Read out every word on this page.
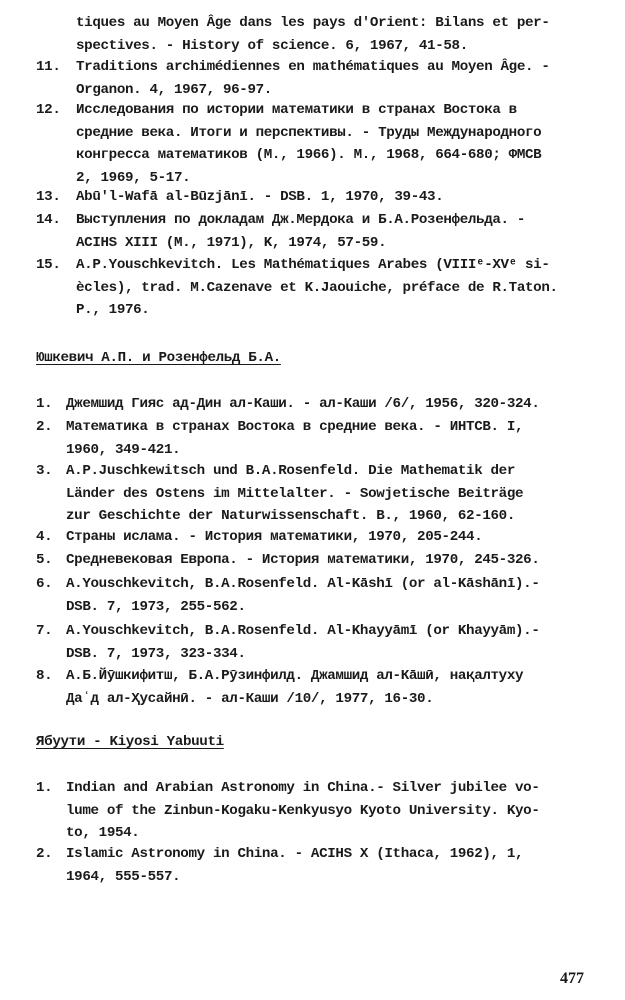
tiques au Moyen Âge dans les pays d'Orient: Bilans et per-
spectives. - History of science. 6, 1967, 41-58.
11.	Traditions archimédiennes en mathématiques au Moyen Âge. -
Organon. 4, 1967, 96-97.
12.	Исследования по истории математики в странах Востока в
средние века. Итоги и перспективы. - Труды Международного
конгресса математиков (М., 1966). М., 1968, 664-680; ФМСВ
2, 1969, 5-17.
13.	Abū'l-Wafā al-Būzjānī. - DSB. 1, 1970, 39-43.
14.	Выступления по докладам Дж.Мердока и Б.А.Розенфельда. -
ACIHS XIII (М., 1971), K, 1974, 57-59.
15.	A.P.Youschkevitch. Les Mathématiques Arabes (VIIIᵉ-XVᵉ si-
ècles), trad. M.Cazenave et K.Jaouiche, préface de R.Taton.
P., 1976.
Юшкевич А.П. и Розенфельд Б.А.
1. Джемшид Гияс ад-Дин ал-Каши. - ал-Каши /6/, 1956, 320-324.
2. Математика в странах Востока в средние века. - ИНТСВ. I,
1960, 349-421.
3. A.P.Juschkewitsch und B.A.Rosenfeld. Die Mathematik der
Länder des Ostens im Mittelalter. - Sowjetische Beiträge
zur Geschichte der Naturwissenschaft. B., 1960, 62-160.
4. Страны ислама. - История математики, 1970, 205-244.
5. Средневековая Европа. - История математики, 1970, 245-326.
6. A.Youschkevitch, B.A.Rosenfeld. Al-Kāshī (or al-Kāshānī).-
DSB. 7, 1973, 255-562.
7. A.Youschkevitch, B.A.Rosenfeld. Al-Khayyāmī (or Khayyām).-
DSB. 7, 1973, 323-334.
8. А.Б.Йӯшкифитш, Б.А.Рӯзинфилд. Джамшид ал-Кāшӣ, нақалтуху
Даʿд ал-Ҳусайнӣ. - ал-Каши /10/, 1977, 16-30.
Ябуути - Kiyosi Yabuuti
1. Indian and Arabian Astronomy in China.- Silver jubilee vo-
lume of the Zinbun-Kogaku-Kenkyusyo Kyoto University. Kyo-
to, 1954.
2. Islamic Astronomy in China. - ACIHS X (Ithaca, 1962), 1,
1964, 555-557.
477
